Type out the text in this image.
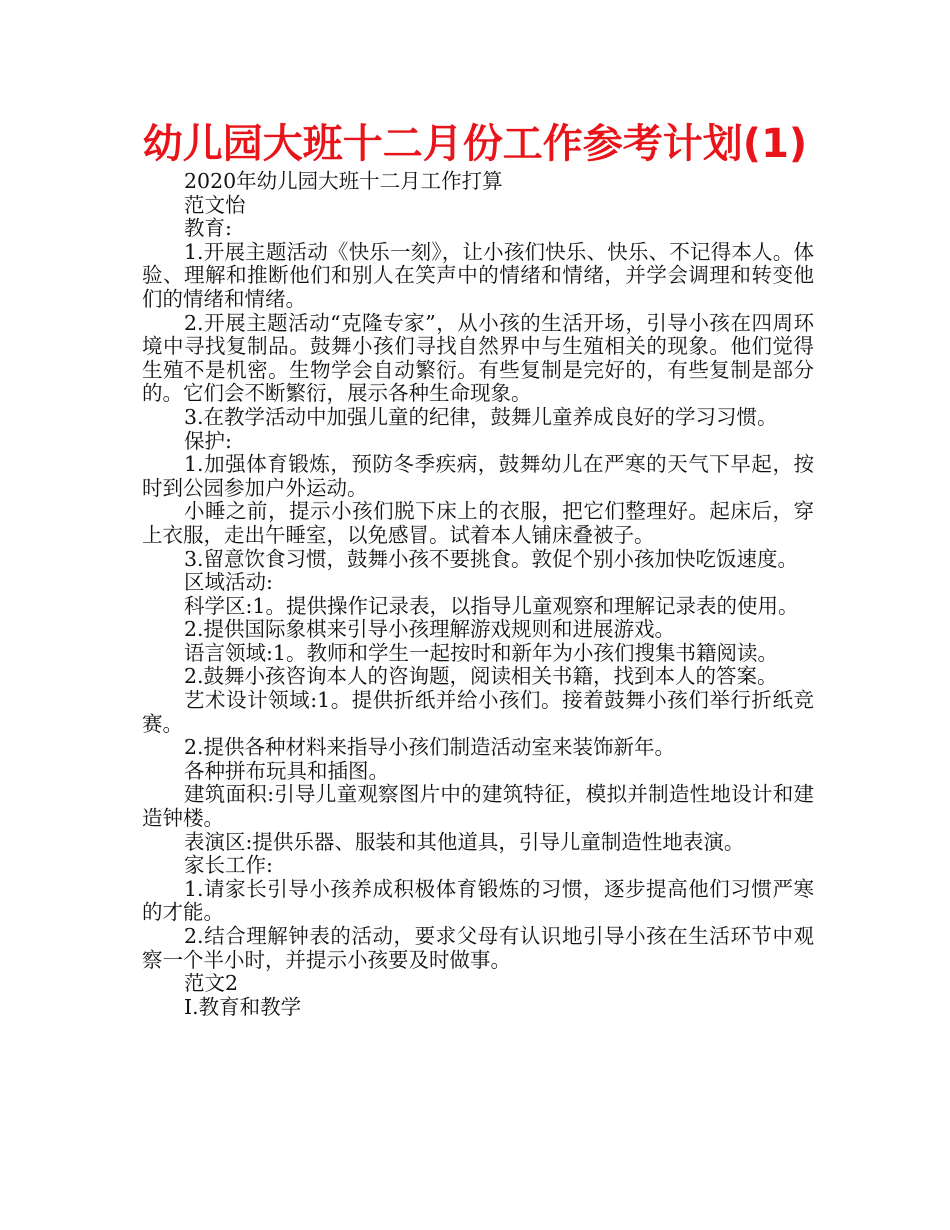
幼儿园大班十二月份工作参考计划(1)

2020年幼儿园大班十二月工作打算

范文怡

教育:

1.开展主题活动《快乐一刻》，让小孩们快乐、快乐、不记得本人。体验、理解和推断他们和别人在笑声中的情绪和情绪，并学会调理和转变他们的情绪和情绪。

2.开展主题活动“克隆专家”，从小孩的生活开场，引导小孩在四周环境中寻找复制品。鼓舞小孩们寻找自然界中与生殖相关的现象。他们觉得生殖不是机密。生物学会自动繁衍。有些复制是完好的，有些复制是部分的。它们会不断繁衍，展示各种生命现象。

3.在教学活动中加强儿童的纪律，鼓舞儿童养成良好的学习习惯。

保护:

1.加强体育锻炼，预防冬季疾病，鼓舞幼儿在严寒的天气下早起，按时到公园参加户外运动。

小睡之前，提示小孩们脱下床上的衣服，把它们整理好。起床后，穿上衣服，走出午睡室，以免感冒。试着本人铺床叠被子。

3.留意饮食习惯，鼓舞小孩不要挑食。敦促个别小孩加快吃饭速度。

区域活动:

科学区:1。提供操作记录表，以指导儿童观察和理解记录表的使用。

2.提供国际象棋来引导小孩理解游戏规则和进展游戏。

语言领域:1。教师和学生一起按时和新年为小孩们搜集书籍阅读。

2.鼓舞小孩咨询本人的咨询题，阅读相关书籍，找到本人的答案。

艺术设计领域:1。提供折纸并给小孩们。接着鼓舞小孩们举行折纸竞赛。

2.提供各种材料来指导小孩们制造活动室来装饰新年。

各种拼布玩具和插图。

建筑面积:引导儿童观察图片中的建筑特征，模拟并制造性地设计和建造钟楼。

表演区:提供乐器、服装和其他道具，引导儿童制造性地表演。

家长工作:

1.请家长引导小孩养成积极体育锻炼的习惯，逐步提高他们习惯严寒的才能。

2.结合理解钟表的活动，要求父母有认识地引导小孩在生活环节中观察一个半小时，并提示小孩要及时做事。

范文2

Ⅰ.教育和教学
